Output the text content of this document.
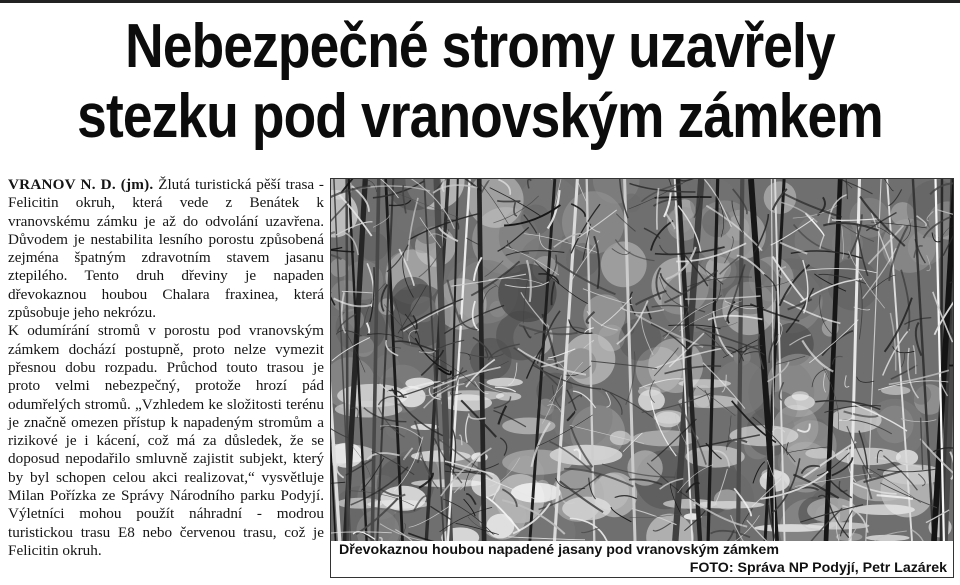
Nebezpečné stromy uzavřely
stezku pod vranovským zámkem

VRANOV N. D. (jm). Žlutá turistická pěší trasa - Felicitin okruh, která vede z Benátek k vranovskému zámku je až do odvolání uzavřena. Důvodem je nestabilita lesního porostu způsobená zejména špatným zdravotním stavem jasanu ztepilého. Tento druh dřeviny je napaden dřevokaznou houbou Chalara fraxinea, která způsobuje jeho nekrózu.

K odumírání stromů v porostu pod vranovským zámkem dochází postupně, proto nelze vymezit přesnou dobu rozpadu. Průchod touto trasou je proto velmi nebezpečný, protože hrozí pád odumřelých stromů. „Vzhledem ke složitosti terénu je značně omezen přístup k napadeným stromům a rizikové je i kácení, což má za důsledek, že se doposud nepodařilo smluvně zajistit subjekt, který by byl schopen celou akci realizovat,“ vysvětluje Milan Pořízka ze Správy Národního parku Podyjí. Výletníci mohou použít náhradní - modrou turistickou trasu E8 nebo červenou trasu, což je Felicitin okruh.	Dřevokaznou houbou napadené jasany pod vranovským zámkem
FOTO: Správa NP Podyjí, Petr Lazárek
